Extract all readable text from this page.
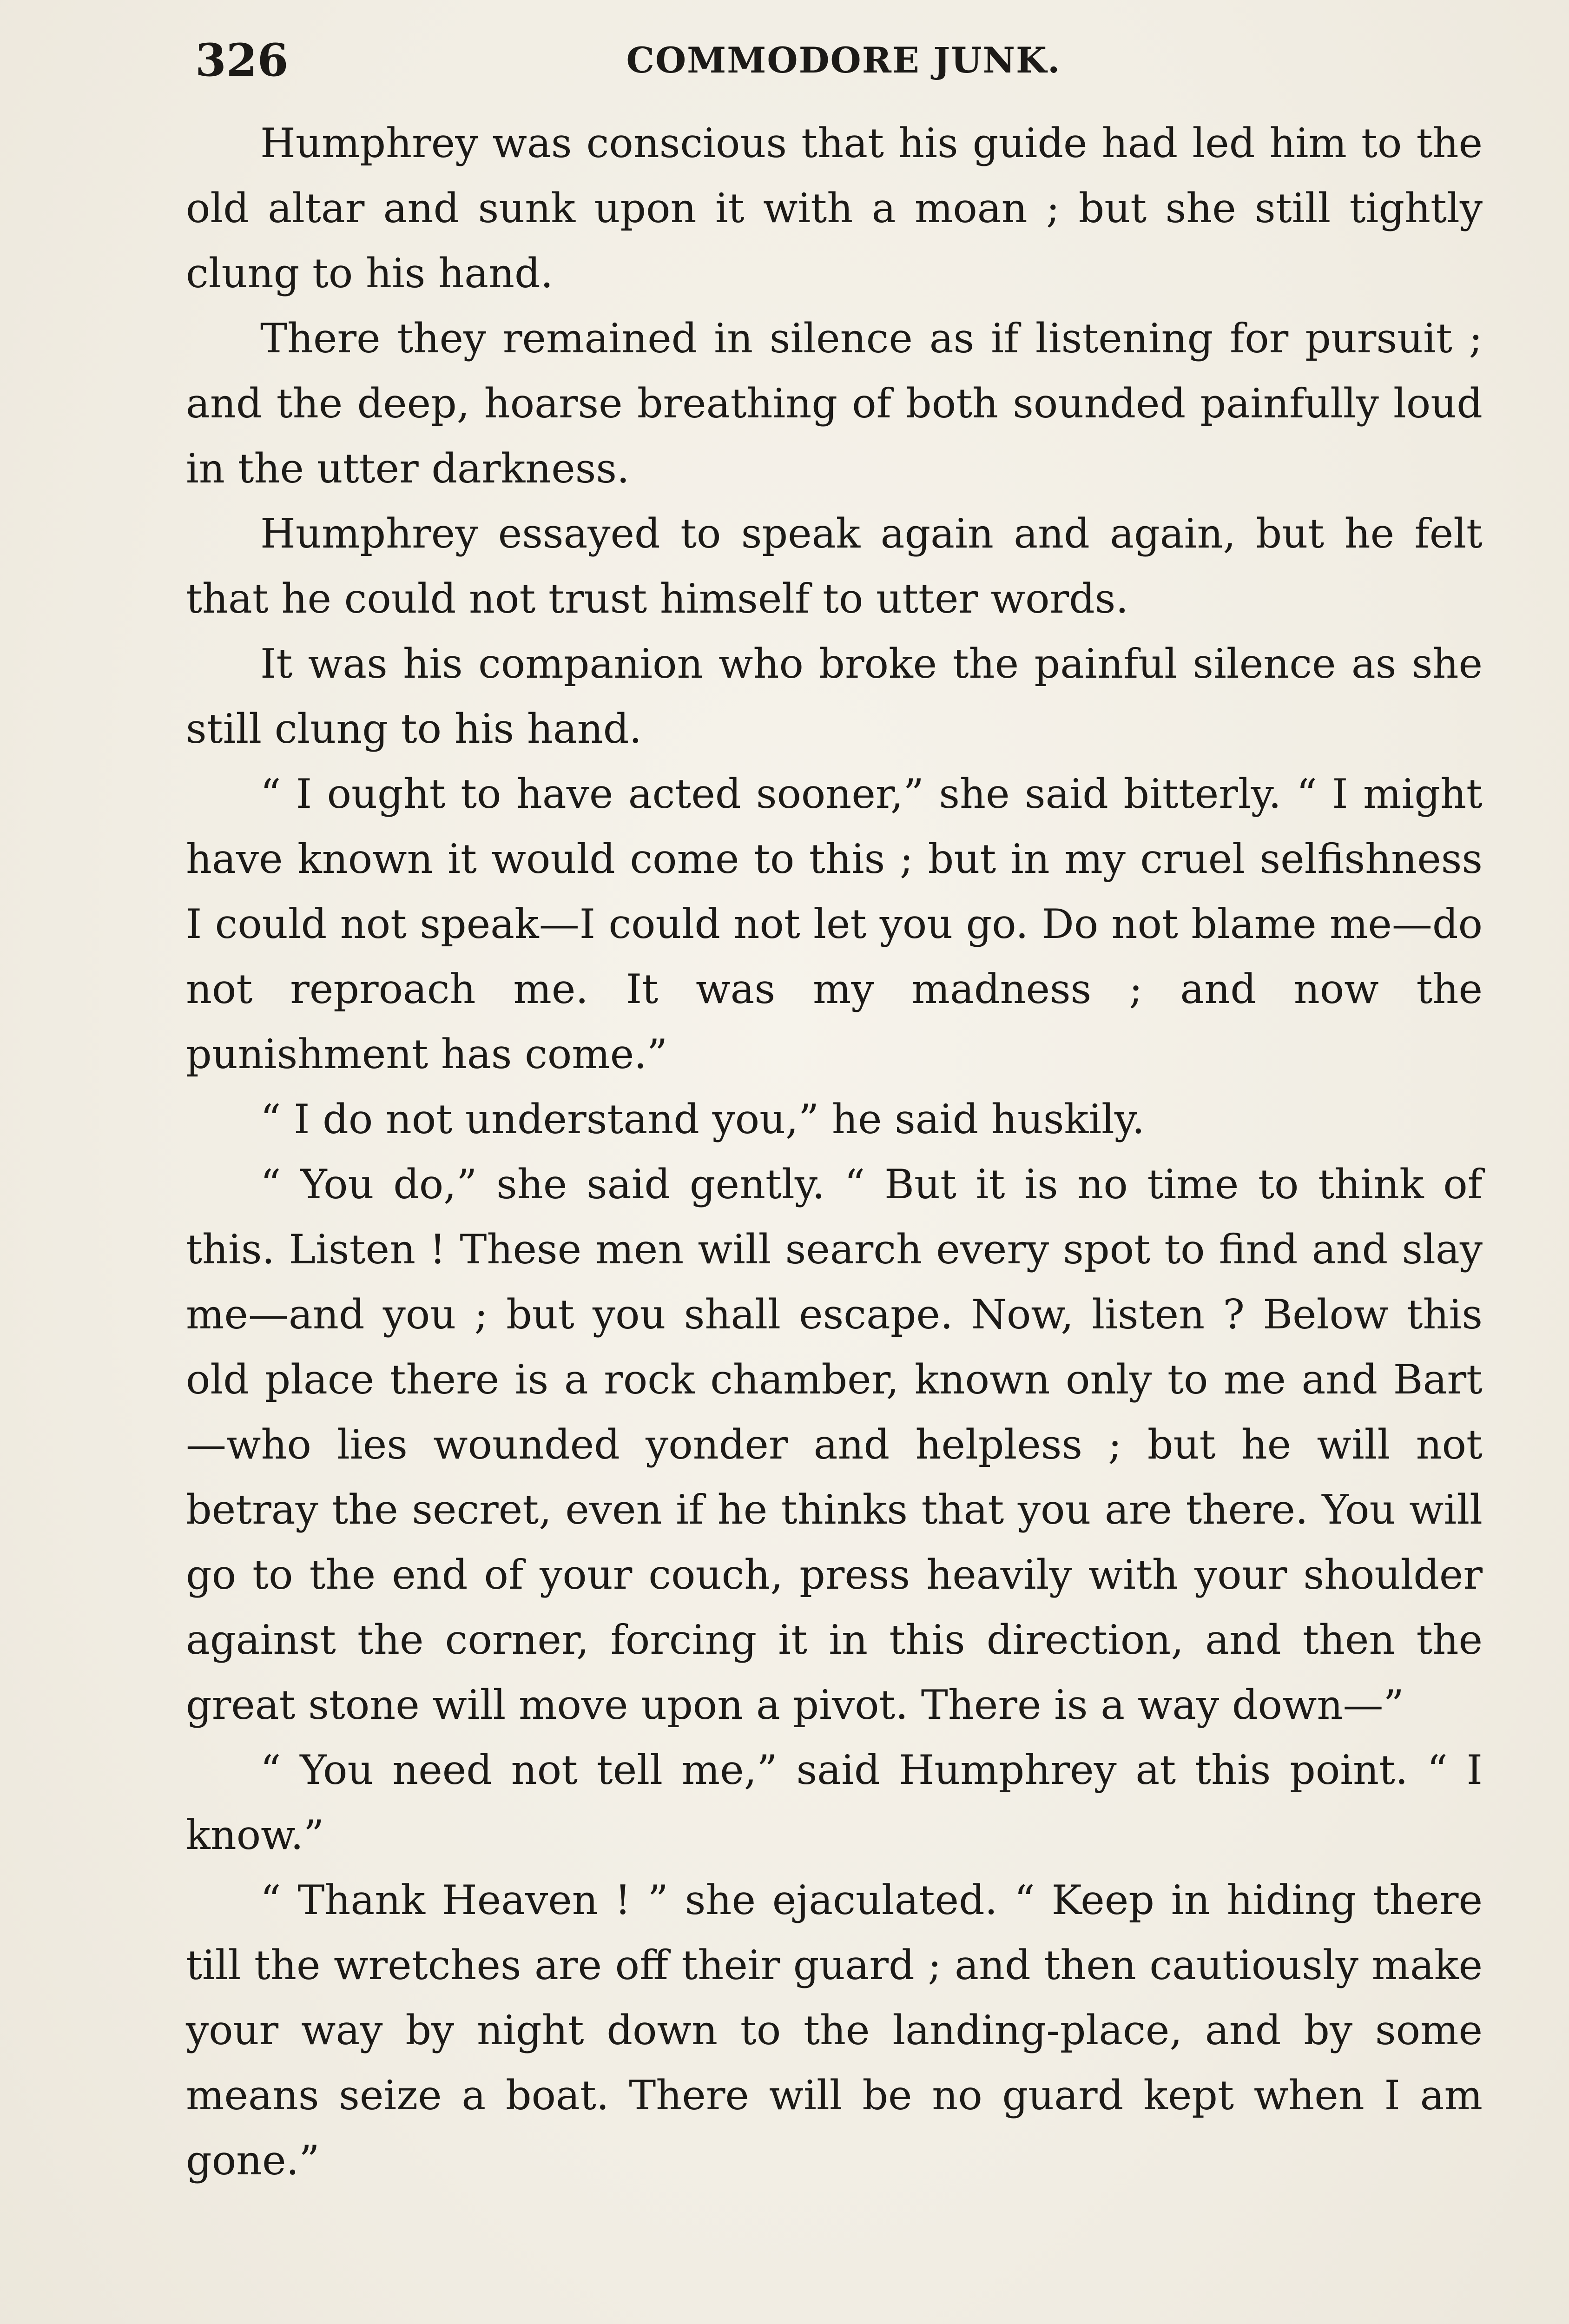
326	COMMODORE JUNK.

Humphrey was conscious that his guide had led him to the old altar and sunk upon it with a moan ; but she still tightly clung to his hand.

There they remained in silence as if listening for pursuit ; and the deep, hoarse breathing of both sounded painfully loud in the utter darkness.

Humphrey essayed to speak again and again, but he felt that he could not trust himself to utter words.

It was his companion who broke the painful silence as she still clung to his hand.

“ I ought to have acted sooner,” she said bitterly. “ I might have known it would come to this ; but in my cruel selfishness I could not speak—I could not let you go. Do not blame me—do not reproach me. It was my madness ; and now the punishment has come.”

“ I do not understand you,” he said huskily.

“ You do,” she said gently. “ But it is no time to think of this. Listen ! These men will search every spot to find and slay me—and you ; but you shall escape. Now, listen ? Below this old place there is a rock chamber, known only to me and Bart—who lies wounded yonder and helpless ; but he will not betray the secret, even if he thinks that you are there. You will go to the end of your couch, press heavily with your shoulder against the corner, forcing it in this direction, and then the great stone will move upon a pivot. There is a way down—”

“ You need not tell me,” said Humphrey at this point. “ I know.”

“ Thank Heaven ! ” she ejaculated. “ Keep in hiding there till the wretches are off their guard ; and then cautiously make your way by night down to the landing-place, and by some means seize a boat. There will be no guard kept when I am gone.”
